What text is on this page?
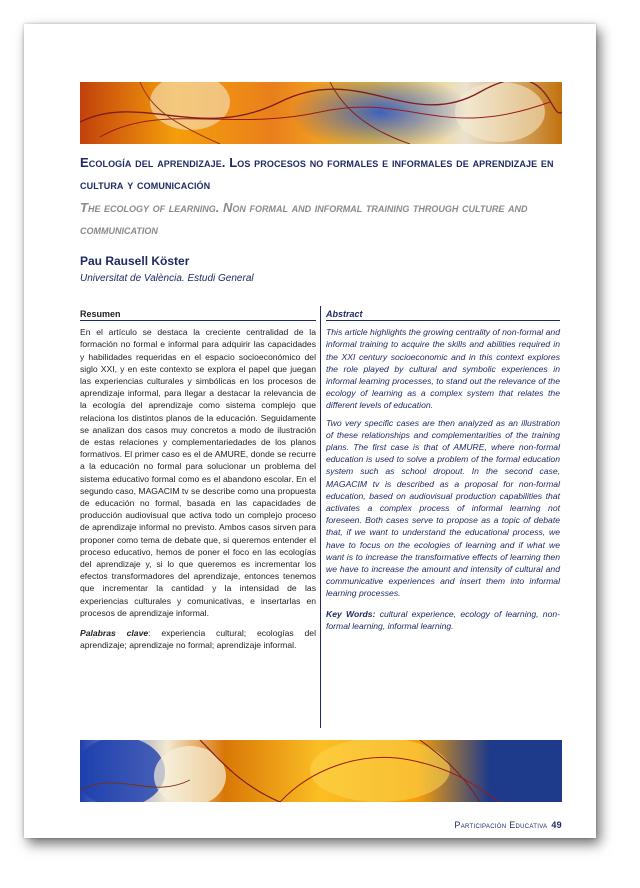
Ecología del aprendizaje. Los procesos no formales e informales de aprendizaje en cultura y comunicación
The ecology of learning. Non formal and informal training through culture and communication
Pau Rausell Köster
Universitat de València. Estudi General
Resumen

En el artículo se destaca la creciente centralidad de la formación no formal e informal para adquirir las capacidades y habilidades requeridas en el espacio socioeconómico del siglo XXI, y en este contexto se explora el papel que juegan las experiencias culturales y simbólicas en los procesos de aprendizaje informal, para llegar a destacar la relevancia de la ecología del aprendizaje como sistema complejo que relaciona los distintos planos de la educación. Seguidamente se analizan dos casos muy concretos a modo de ilustración de estas relaciones y complementariedades de los planos formativos. El primer caso es el de AMURE, donde se recurre a la educación no formal para solucionar un problema del sistema educativo formal como es el abandono escolar. En el segundo caso, MAGACIM tv se describe como una propuesta de educación no formal, basada en las capacidades de producción audiovisual que activa todo un complejo proceso de aprendizaje informal no previsto. Ambos casos sirven para proponer como tema de debate que, si queremos entender el proceso educativo, hemos de poner el foco en las ecologías del aprendizaje y, si lo que queremos es incrementar los efectos transformadores del aprendizaje, entonces tenemos que incrementar la cantidad y la intensidad de las experiencias culturales y comunicativas, e insertarlas en procesos de aprendizaje informal.

Palabras clave: experiencia cultural; ecologías del aprendizaje; aprendizaje no formal; aprendizaje informal.

Abstract

This article highlights the growing centrality of non-formal and informal training to acquire the skills and abilities required in the XXI century socioeconomic and in this context explores the role played by cultural and symbolic experiences in informal learning processes, to stand out the relevance of the ecology of learning as a complex system that relates the different levels of education.

Two very specific cases are then analyzed as an illustration of these relationships and complementarities of the training plans. The first case is that of AMURE, where non-formal education is used to solve a problem of the formal education system such as school dropout. In the second case, MAGACIM tv is described as a proposal for non-formal education, based on audiovisual production capabilities that activates a complex process of informal learning not foreseen. Both cases serve to propose as a topic of debate that, if we want to understand the educational process, we have to focus on the ecologies of learning and if what we want is to increase the transformative effects of learning then we have to increase the amount and intensity of cultural and communicative experiences and insert them into informal learning processes.

Key Words: cultural experience, ecology of learning, non-formal learning, informal learning.

Participación Educativa 49
